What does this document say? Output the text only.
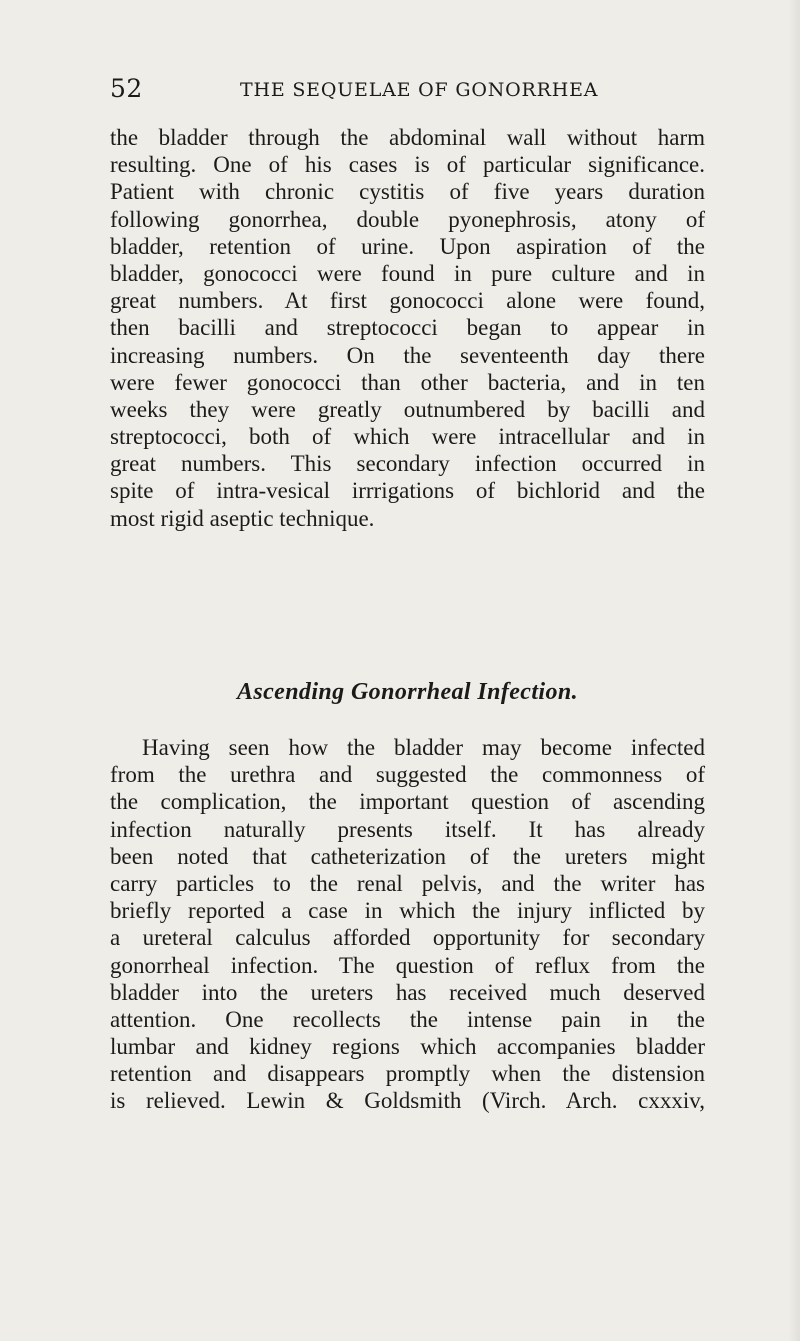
52	THE SEQUELAE OF GONORRHEA
the bladder through the abdominal wall without harm
resulting. One of his cases is of particular significance.
Patient with chronic cystitis of five years duration
following gonorrhea, double pyonephrosis, atony of
bladder, retention of urine. Upon aspiration of the
bladder, gonococci were found in pure culture and in
great numbers. At first gonococci alone were found,
then bacilli and streptococci began to appear in
increasing numbers. On the seventeenth day there
were fewer gonococci than other bacteria, and in ten
weeks they were greatly outnumbered by bacilli and
streptococci, both of which were intracellular and in
great numbers. This secondary infection occurred in
spite of intra-vesical irrrigations of bichlorid and the
most rigid aseptic technique.
Ascending Gonorrheal Infection.
Having seen how the bladder may become infected
from the urethra and suggested the commonness of
the complication, the important question of ascending
infection naturally presents itself. It has already
been noted that catheterization of the ureters might
carry particles to the renal pelvis, and the writer has
briefly reported a case in which the injury inflicted by
a ureteral calculus afforded opportunity for secondary
gonorrheal infection. The question of reflux from the
bladder into the ureters has received much deserved
attention. One recollects the intense pain in the
lumbar and kidney regions which accompanies bladder
retention and disappears promptly when the distension
is relieved. Lewin & Goldsmith (Virch. Arch. cxxxiv,
